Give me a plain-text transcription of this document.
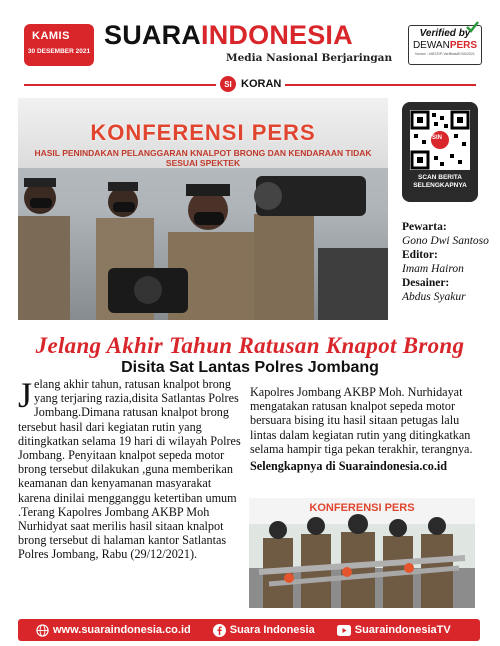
KAMIS
30 DESEMBER 2021
SUARAINDONESIA
Media Nasional Berjaringan
Verified by
DEWANPERS
Nomor : 4487/DP-Verifikasi/K/XII/2021
SI KORAN
KONFERENSI PERS
HASIL PENINDAKAN PELANGGARAN KNALPOT BRONG DAN KENDARAAN TIDAK SESUAI SPEKTEK
SCAN BERITA
SELENGKAPNYA
SIN
Pewarta:
Gono Dwi Santoso
Editor:
Imam Hairon
Desainer:
Abdus Syakur
Jelang Akhir Tahun Ratusan Knapot Brong
Disita Sat Lantas Polres Jombang
Jelang akhir tahun, ratusan knalpot brong yang terjaring razia,disita Satlantas Polres Jombang.Dimana ratusan knalpot brong tersebut hasil dari kegiatan rutin yang ditingkatkan selama 19 hari di wilayah Polres Jombang. Penyitaan knalpot sepeda motor brong tersebut dilakukan ,guna memberikan keamanan dan kenyamanan masyarakat karena dinilai mengganggu ketertiban umum .Terang Kapolres Jombang AKBP Moh Nurhidyat saat merilis hasil sitaan knalpot brong tersebut di halaman kantor Satlantas Polres Jombang, Rabu (29/12/2021).
Kapolres Jombang AKBP Moh. Nurhidayat mengatakan ratusan knalpot sepeda motor bersuara bising itu hasil sitaan petugas lalu lintas dalam kegiatan rutin yang ditingkatkan selama hampir tiga pekan terakhir, terangnya.
Selengkapnya di Suaraindonesia.co.id
KONFERENSI PERS
www.suaraindonesia.co.id	Suara Indonesia	SuaraindonesiaTV
